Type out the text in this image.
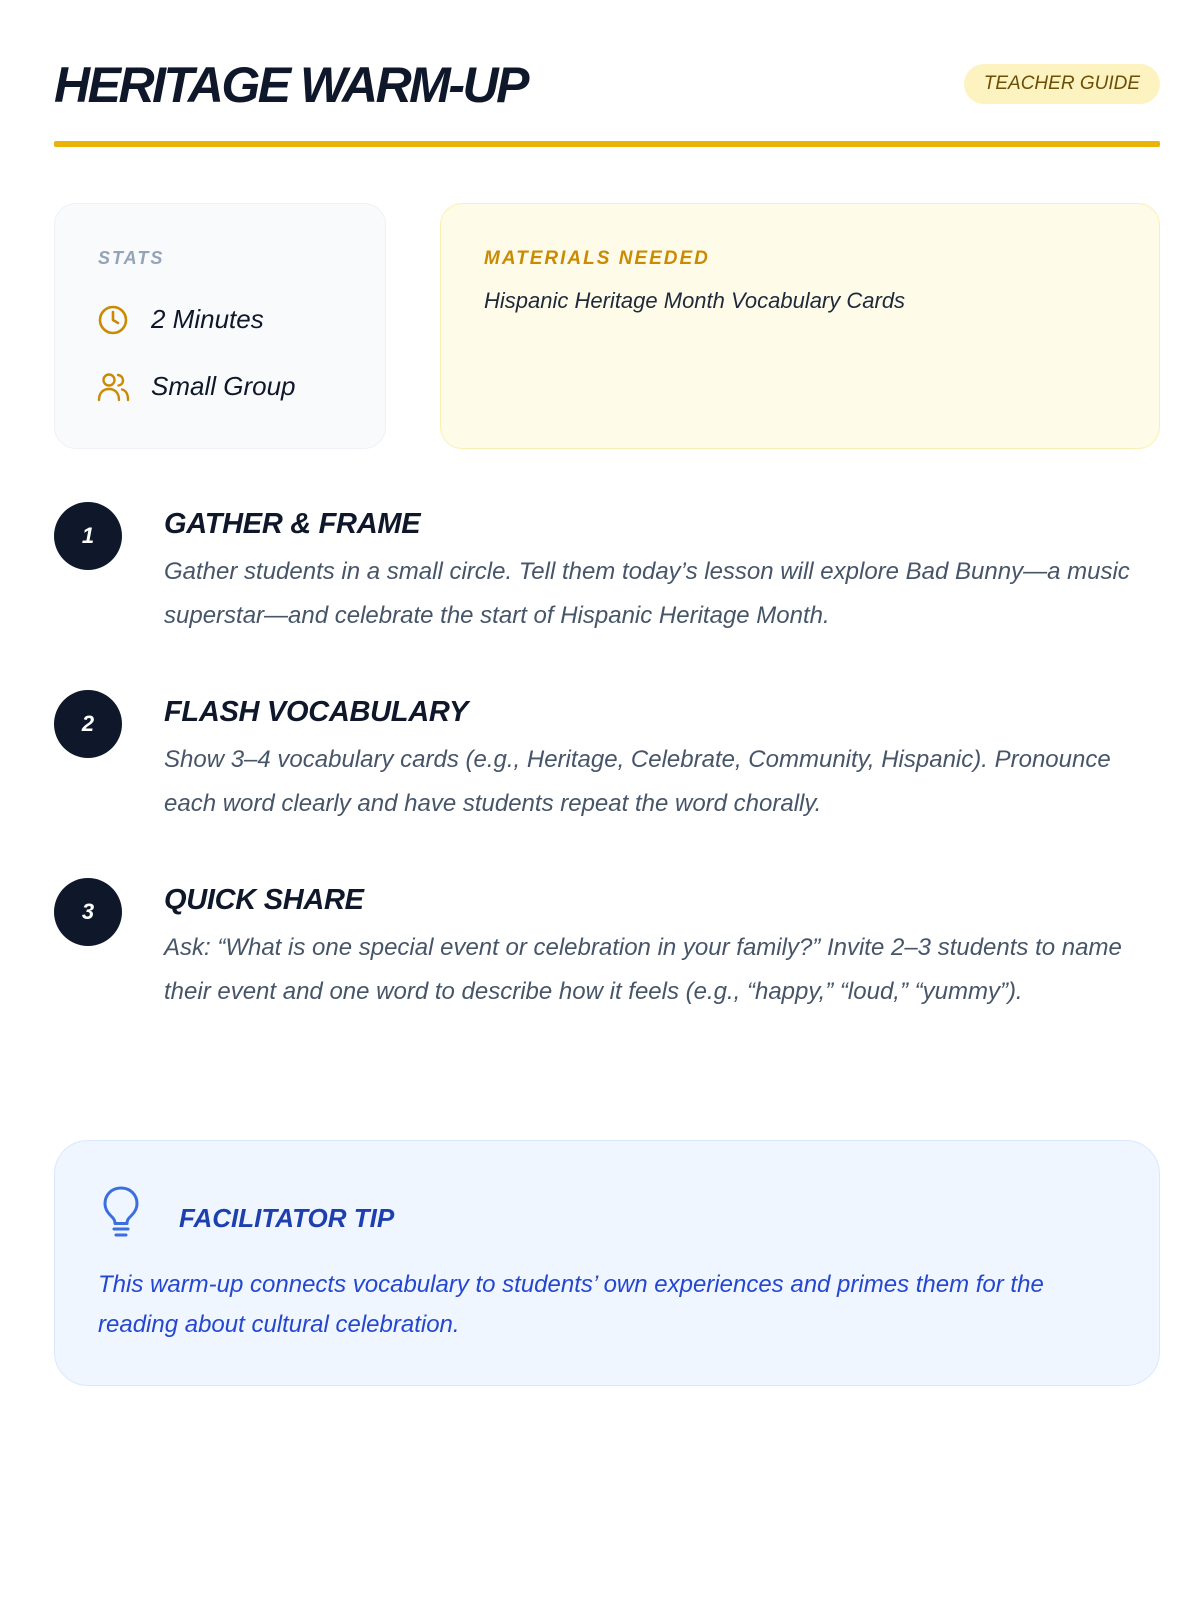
HERITAGE WARM-UP	TEACHER GUIDE
STATS
2 Minutes
Small Group
MATERIALS NEEDED
Hispanic Heritage Month Vocabulary Cards
1	GATHER & FRAME

Gather students in a small circle. Tell them today’s lesson will explore Bad Bunny—a music superstar—and celebrate the start of Hispanic Heritage Month.

2	FLASH VOCABULARY

Show 3–4 vocabulary cards (e.g., Heritage, Celebrate, Community, Hispanic). Pronounce each word clearly and have students repeat the word chorally.

3	QUICK SHARE

Ask: “What is one special event or celebration in your family?” Invite 2–3 students to name their event and one word to describe how it feels (e.g., “happy,” “loud,” “yummy”).

FACILITATOR TIP

This warm-up connects vocabulary to students’ own experiences and primes them for the reading about cultural celebration.
